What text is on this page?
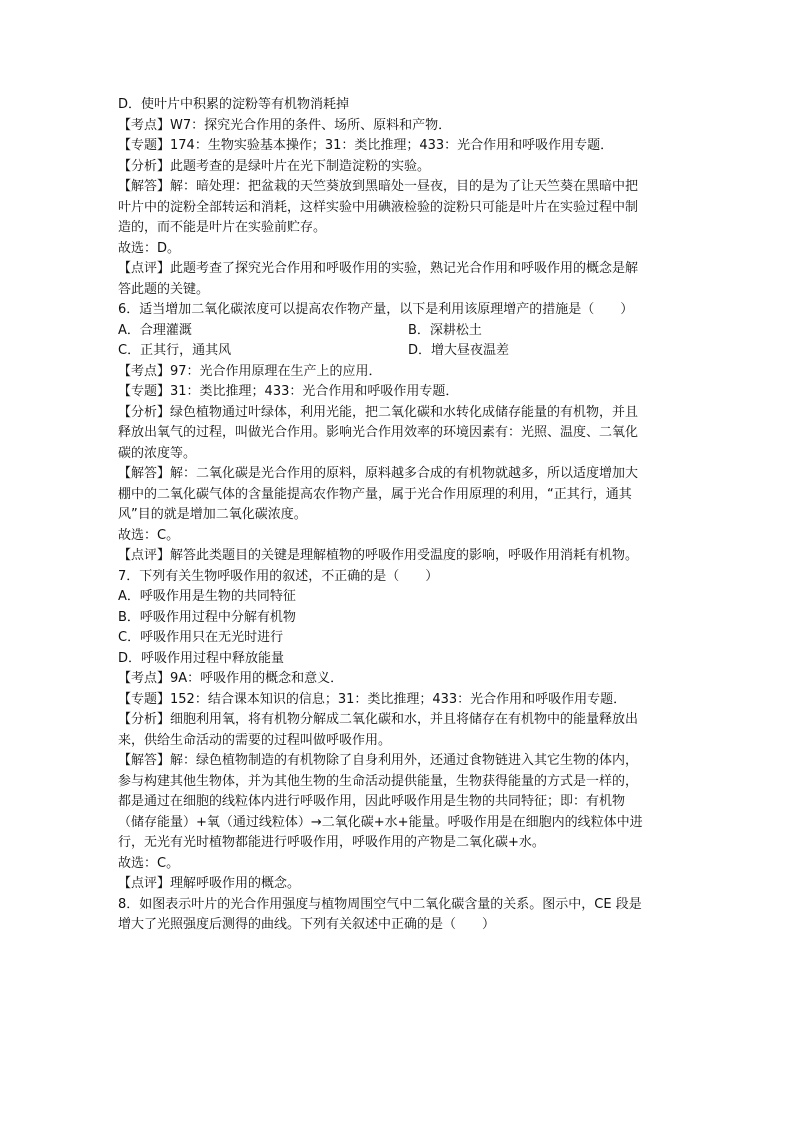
D．使叶片中积累的淀粉等有机物消耗掉
【考点】W7：探究光合作用的条件、场所、原料和产物．
【专题】174：生物实验基本操作；31：类比推理；433：光合作用和呼吸作用专题．
【分析】此题考查的是绿叶片在光下制造淀粉的实验。
【解答】解：暗处理：把盆栽的天竺葵放到黑暗处一昼夜，目的是为了让天竺葵在黑暗中把
叶片中的淀粉全部转运和消耗，这样实验中用碘液检验的淀粉只可能是叶片在实验过程中制
造的，而不能是叶片在实验前贮存。
故选：D。
【点评】此题考查了探究光合作用和呼吸作用的实验，熟记光合作用和呼吸作用的概念是解
答此题的关键。
6．适当增加二氧化碳浓度可以提高农作物产量，以下是利用该原理增产的措施是（　　）
A．合理灌溉	B．深耕松土
C．正其行，通其风	D．增大昼夜温差
【考点】97：光合作用原理在生产上的应用．
【专题】31：类比推理；433：光合作用和呼吸作用专题．
【分析】绿色植物通过叶绿体，利用光能，把二氧化碳和水转化成储存能量的有机物，并且
释放出氧气的过程，叫做光合作用。影响光合作用效率的环境因素有：光照、温度、二氧化
碳的浓度等。
【解答】解：二氧化碳是光合作用的原料，原料越多合成的有机物就越多，所以适度增加大
棚中的二氧化碳气体的含量能提高农作物产量，属于光合作用原理的利用，“正其行，通其
风”目的就是增加二氧化碳浓度。
故选：C。
【点评】解答此类题目的关键是理解植物的呼吸作用受温度的影响，呼吸作用消耗有机物。
7．下列有关生物呼吸作用的叙述，不正确的是（　　）
A．呼吸作用是生物的共同特征
B．呼吸作用过程中分解有机物
C．呼吸作用只在无光时进行
D．呼吸作用过程中释放能量
【考点】9A：呼吸作用的概念和意义．
【专题】152：结合课本知识的信息；31：类比推理；433：光合作用和呼吸作用专题．
【分析】细胞利用氧，将有机物分解成二氧化碳和水，并且将储存在有机物中的能量释放出
来，供给生命活动的需要的过程叫做呼吸作用。
【解答】解：绿色植物制造的有机物除了自身利用外，还通过食物链进入其它生物的体内，
参与构建其他生物体，并为其他生物的生命活动提供能量，生物获得能量的方式是一样的，
都是通过在细胞的线粒体内进行呼吸作用，因此呼吸作用是生物的共同特征；即：有机物
（储存能量）+氧（通过线粒体）→二氧化碳+水+能量。呼吸作用是在细胞内的线粒体中进
行，无光有光时植物都能进行呼吸作用，呼吸作用的产物是二氧化碳+水。
故选：C。
【点评】理解呼吸作用的概念。
8．如图表示叶片的光合作用强度与植物周围空气中二氧化碳含量的关系。图示中，CE 段是
增大了光照强度后测得的曲线。下列有关叙述中正确的是（　　）
